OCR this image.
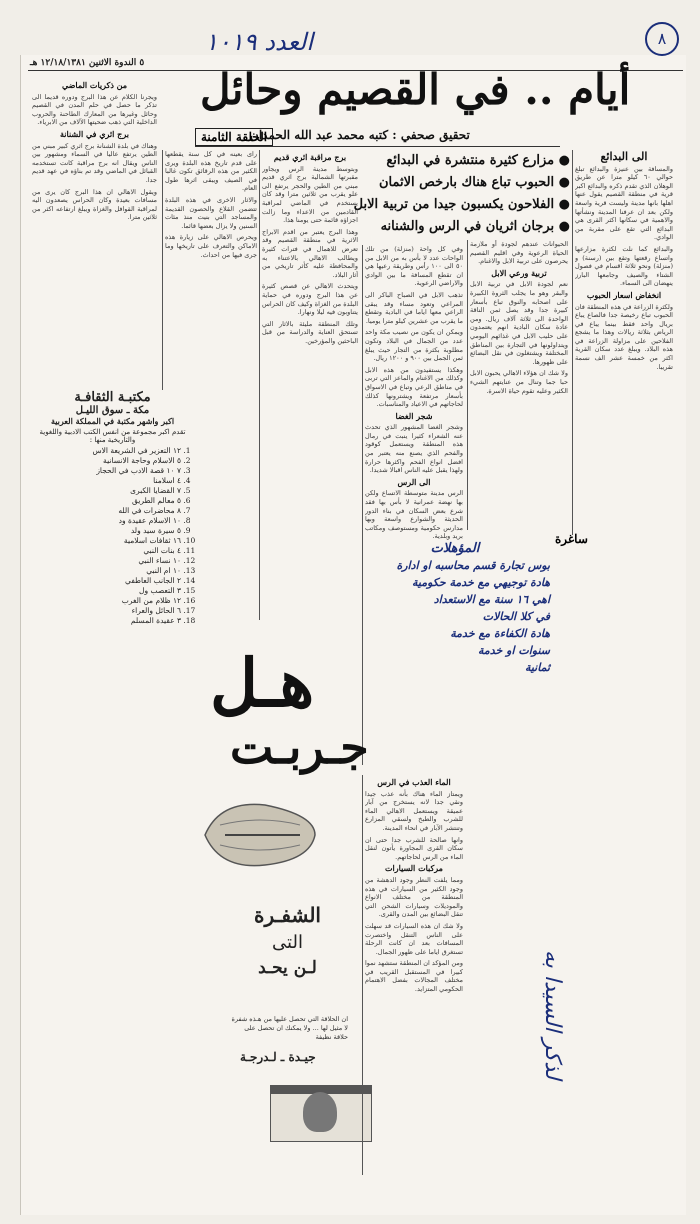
العدد ١٠١٩	٨
٥ الندوة الاثنين ١٢/١٨/١٣٨١ هـ
أيام .. في القصيم وحائل
تحقيق صحفي : كتبه محمد عبد الله الحمدان
الحلقة الثامنة
● مزارع كثيرة منتشرة في البدائع
● الحبوب تباع هناك بارخص الاثمان
● الفلاحون يكسبون جيدا من تربية الابل
● برجان اثريان في الرس والشنانه
الى البدائع

والمسافة بين عنيزة والبدائع تبلغ حوالي ٦٠ كيلو مترا عن طريق الوهلان الذي تقدم ذكره والبدائع اكبر قرية في منطقة القصيم يقول عنها اهلها بانها مدينة وليست قرية واسعة ولكن بعد ان عرفنا المدينة ونشأتها والاهمية في سكانها اكثر القرى هي البدائع التي تقع على مقربة من الوادي.

والبدائع كما نلت لكثرة مزارعها واتساع رقعتها وتقع بين (رسنة) و (منزلة) ونحو ثلاثة اقسام في فصول الشتاء والصيف وجامعها البارز ينهضان الى السماء.

انخفاض اسعار الحبوب

ولكثرة الزراعة في هذه المنطقة فان الحبوب تباع رخيصة جدا فالصاع يباع بريال واحد فقط بينما يباع في الرياض بثلاثة ريالات وهذا ما يشجع الفلاحين على مزاولة الزراعة في هذه البلاد. ويبلغ عدد سكان القرية اكثر من خمسة عشر الف نسمة تقريبا.

الحيوانات عندهم لجودة أو ملازمة الحياة الرعوية وفي اقليم القصيم يحرصون على تربية الابل والاغنام.

تربية ورعي الابل

نعم لجودة الابل في تربية الابل والبقر وهو ما يجلب الثروة الكبيرة على اصحابه والنوق تباع بأسعار كبيرة جدا وقد يصل ثمن الناقة الواحدة الى ثلاثة آلاف ريال. ومن عادة سكان البادية انهم يعتمدون على حليب الابل في غذائهم اليومي ويتداولونها في التجارة بين المناطق المختلفة ويشتغلون في نقل البضائع على ظهورها.

ولا شك ان هؤلاء الاهالي يحبون الابل حبا جما وتنال من عنايتهم الشيء الكثير وعليه تقوم حياة الاسرة.

وفي كل واحة (منزلة) من تلك الواحات عدد لا بأس به من الابل من ٥٠ الى ١٠٠ رأس وطريقة رعيها هي ان تقطع المسافة ما بين الوادي والاراضي الرعوية.

تذهب الابل في الصباح الباكر الى المراعي وتعود مساء وقد يبقى الراعي معها اياما في البادية وتقطع ما يقرب من عشرين كيلو مترا يوميا.

ويمكن ان يكون من نصيب مكة واحد عدد من الجمال في البلاد وتكون مطلوبة بكثرة من التجار حيث يبلغ ثمن الجمل بين ٩٠٠ و ١٢٠٠ ريال.

وهكذا يستفيدون من هذه الابل وكذلك من الاغنام والماعز التي تربى في مناطق الرعي وتباع في الاسواق بأسعار مرتفعة ويشترونها كذلك لحاجاتهم في الاعياد والمناسبات.

شجر الغضا

وشجر الغضا المشهور الذي تحدث عنه الشعراء كثيرا ينبت في رمال هذه المنطقة ويستعمل كوقود والفحم الذي يصنع منه يعتبر من افضل انواع الفحم واكثرها حرارة ولهذا يقبل عليه الناس اقبالا شديدا.

الى الرس

الرس مدينة متوسطة الاتساع ولكن بها نهضة عمرانية لا بأس بها فقد شرع بعض السكان في بناء الدور الحديثة والشوارع واسعة وبها مدارس حكومية ومستوصف ومكاتب بريد وبلدية.

برج مراقبة اثري قديم

وبتوسط مدينة الرس ويجاور مقبرتها الشمالية برج اثري قديم مبني من الطين والحجر يرتفع الى علو يقرب من ثلاثين مترا وقد كان يستخدم في الماضي لمراقبة القادمين من الاعداء وما زالت اجزاؤه قائمة حتى يومنا هذا.

وهذا البرج يعتبر من اقدم الابراج الاثرية في منطقة القصيم وقد تعرض للاهمال في فترات كثيرة ويطالب الاهالي بالاعتناء به والمحافظة عليه كأثر تاريخي من آثار البلاد.

ويتحدث الاهالي عن قصص كثيرة عن هذا البرج ودوره في حماية البلدة من الغزاة وكيف كان الحراس يتناوبون فيه ليلا ونهارا.

وتلك المنطقة مليئة بالاثار التي تستحق العناية والدراسة من قبل الباحثين والمؤرخين.

راى بعينه في كل سنة يقطعها على قدم تاريخ هذه البلدة ويرى الكثير من هذه الرقائق تكون غالبا في الصيف ويبقى اثرها طول العام.

والاثار الاخرى في هذه البلدة تتضمن القلاع والحصون القديمة والمساجد التي بنيت منذ مئات السنين ولا يزال بعضها قائما.

ويحرص الاهالي على زيارة هذه الاماكن والتعرف على تاريخها وما جرى فيها من احداث.

من ذكريات الماضي

ويجرنا الكلام عن هذا البرج ودوره قديما الى تذكر ما حصل في حلم المدن في القصيم وحائل وغيرها من المعارك الطاحنة والحروب الداخلية التي ذهب ضحيتها الآلاف من الابرياء.

برج اثري في الشنانة

وهناك في بلدة الشنانة برج اثري كبير مبني من الطين يرتفع عاليا في السماء ومشهور بين الناس ويقال انه برج مراقبة كانت تستخدمه القبائل في الماضي وقد تم بناؤه في عهد قديم جدا.

ويقول الاهالي ان هذا البرج كان يرى من مسافات بعيدة وكان الحراس يصعدون اليه لمراقبة القوافل والغزاة ويبلغ ارتفاعه اكثر من ثلاثين مترا.

مكتبـة الثقافـة
مكة ـ سوق الليـل
اكبر واشهر مكتبة في المملكة العربية
تقدم اكبر مجموعة من انفس الكتب الادبية واللغوية والتاريخية منها :
1. ١٢ التعزير في الشريعة الاس
2. ٥ الاسلام وحاجة الانسانية
3. ٧ ١٠ قصة الادب في الحجاز
4. ٤ اسلامنا
5. ٧ القضايا الكبرى
6. ٥ معالم الطريق
7. ٨ محاضرات في الله
8. ١٠ الاسلام عقيدة ود
9. ٥ سيرة سيد ولد
10. ١٦ ثقافات اسلامية
11. ٤ بنات النبي
12. ١٠ نساء النبي
13. ١٠ ام النبي
14. ٢ الجانب العاطفي
15. ٣ التعصب ول
16. ١٢ ظلام من الغرب
17. ٦ الحائل والعراء
18. ٣ عقيدة المسلم
هـل
جـربـت
الشفـرة
التى
لـن يحـد
ان الحلاقة التي تحصل عليها من هـذه شفرة لا مثيل لها ... ولا يمكنك ان تحصل على حلاقة نظيفة
جيـدة ـ لـدرجـة

الماء العذب في الرس

ويمتاز الماء هناك بأنه عذب جيدا ونقي جدا لانه يستخرج من آبار عميقة ويستعمل الاهالي الماء للشرب والطبخ ولسقي المزارع وتنتشر الآبار في انحاء المدينة.

وانها صالحة للشرب جدا حتى ان سكان القرى المجاورة يأتون لنقل الماء من الرس لحاجاتهم.

مركبات السيارات

ومما يلفت النظر وجود الدهشة من وجود الكثير من السيارات في هذه المنطقة من مختلف الانواع والموديلات وسيارات الشحن التي تنقل البضائع بين المدن والقرى.

ولا شك ان هذه السيارات قد سهلت على الناس التنقل واختصرت المسافات بعد ان كانت الرحلة تستغرق اياما على ظهور الجمال.

ومن المؤكد ان المنطقة ستشهد نموا كبيرا في المستقبل القريب في مختلف المجالات بفضل الاهتمام الحكومي المتزايد.

ساغرة
المؤهلات
بوس تجارة قسم محاسبه او ادارة
هادة توجيهي مع خدمة حكومية
اهي ١٦ سنة مع الاستعداد
في كلا الحالات
هادة الكفاءة مع خدمة
سنوات او خدمة
ثمانية
لذكر السيدا به
